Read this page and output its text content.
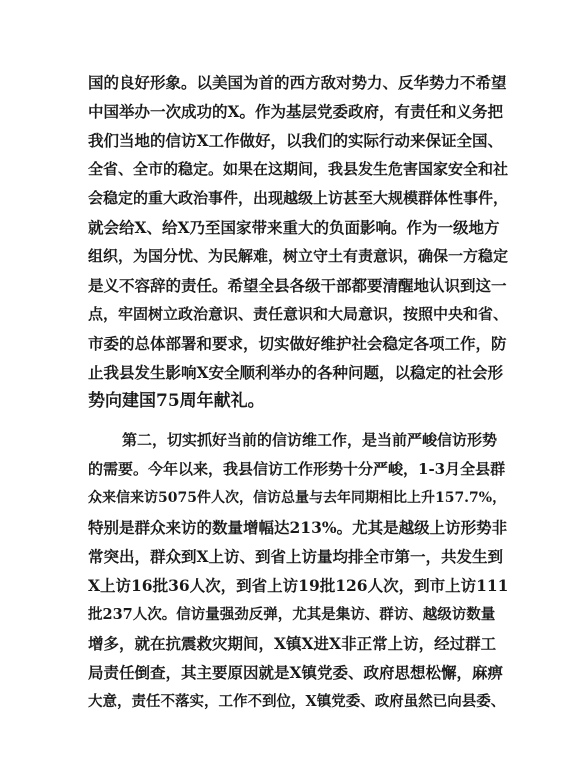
国的良好形象。以美国为首的西方敌对势力、反华势力不希望
中国举办一次成功的X。作为基层党委政府，有责任和义务把
我们当地的信访X工作做好，以我们的实际行动来保证全国、
全省、全市的稳定。如果在这期间，我县发生危害国家安全和社
会稳定的重大政治事件，出现越级上访甚至大规模群体性事件，
就会给X、给X乃至国家带来重大的负面影响。作为一级地方
组织，为国分忧、为民解难，树立守土有责意识，确保一方稳定
是义不容辞的责任。希望全县各级干部都要清醒地认识到这一
点，牢固树立政治意识、责任意识和大局意识，按照中央和省、
市委的总体部署和要求，切实做好维护社会稳定各项工作，防
止我县发生影响X安全顺利举办的各种问题，以稳定的社会形
势向建国75周年献礼。
第二，切实抓好当前的信访维工作，是当前严峻信访形势
的需要。今年以来，我县信访工作形势十分严峻，1-3月全县群
众来信来访5075件人次，信访总量与去年同期相比上升157.7%，
特别是群众来访的数量增幅达213%。尤其是越级上访形势非
常突出，群众到X上访、到省上访量均排全市第一，共发生到
X上访16批36人次，到省上访19批126人次，到市上访111
批237人次。信访量强劲反弹，尤其是集访、群访、越级访数量
增多，就在抗震救灾期间，X镇X进X非正常上访，经过群工
局责任倒查，其主要原因就是X镇党委、政府思想松懈，麻痹
大意，责任不落实，工作不到位，X镇党委、政府虽然已向县委、
